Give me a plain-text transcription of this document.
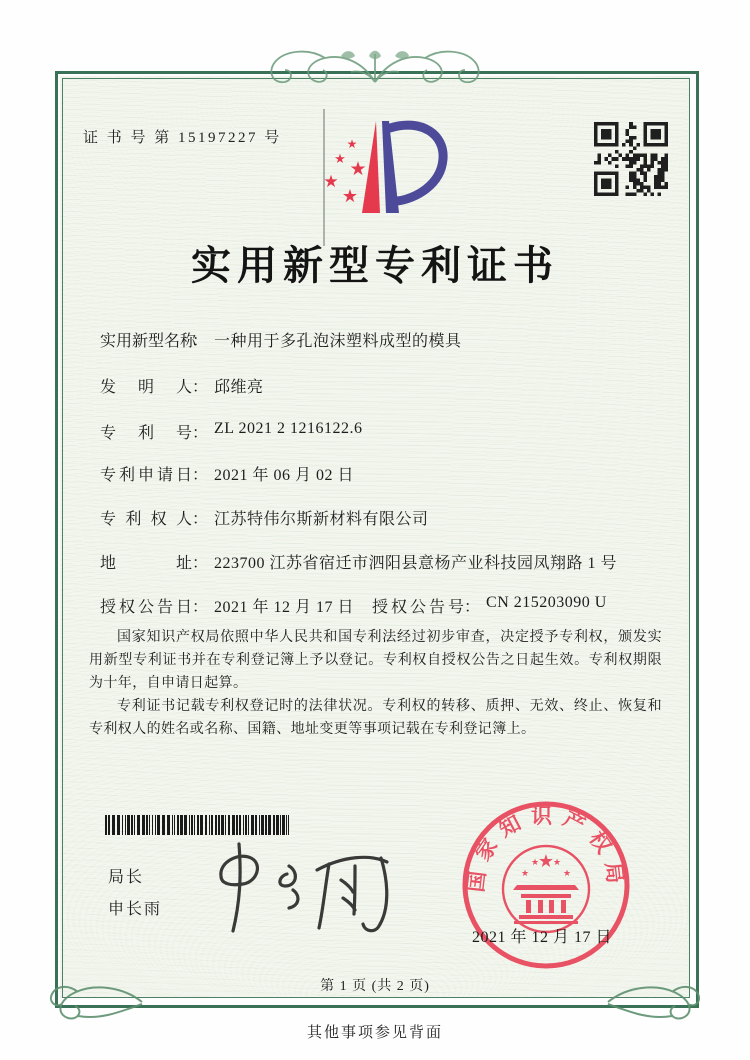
证 书 号 第 15197227 号	★
★ ★
★
★
实用新型专利证书
实用新型名称： 一种用于多孔泡沫塑料成型的模具
发明人： 邱维亮
专利号： ZL 2021 2 1216122.6
专利申请日： 2021 年 06 月 02 日
专利权人： 江苏特伟尔斯新材料有限公司
地址： 223700 江苏省宿迁市泗阳县意杨产业科技园凤翔路 1 号
授权公告日： 2021 年 12 月 17 日 授权公告号： CN 215203090 U

国家知识产权局依照中华人民共和国专利法经过初步审查，决定授予专利权，颁发实用新型专利证书并在专利登记簿上予以登记。专利权自授权公告之日起生效。专利权期限为十年，自申请日起算。

专利证书记载专利权登记时的法律状况。专利权的转移、质押、无效、终止、恢复和专利权人的姓名或名称、国籍、地址变更等事项记载在专利登记簿上。

局长
申长雨
国家知识产权局
★
★
★ ★
★
2021 年 12 月 17 日
第 1 页 (共 2 页)
其他事项参见背面
